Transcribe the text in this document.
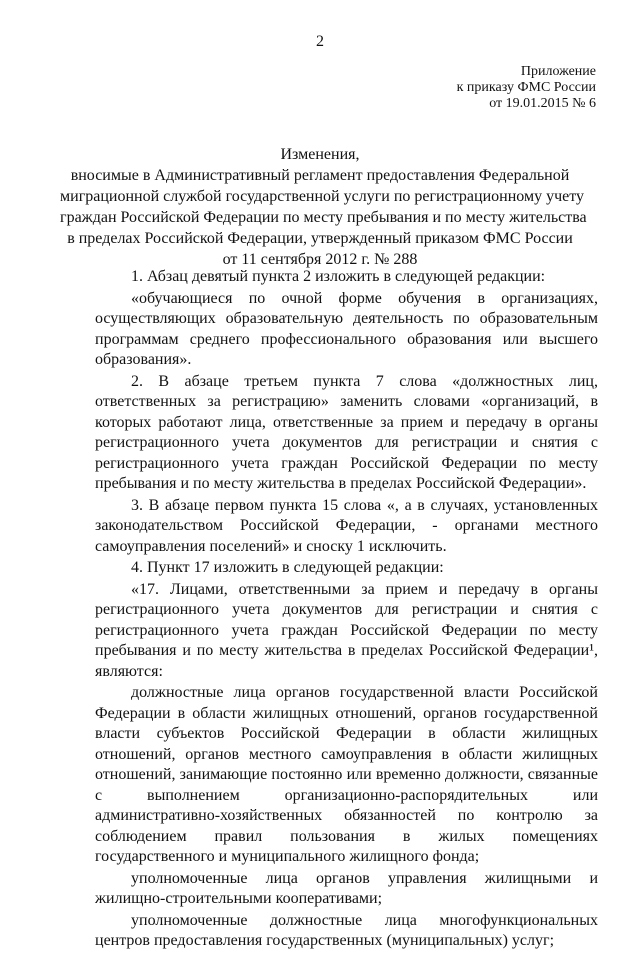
2
Приложение
к приказу ФМС России
от 19.01.2015 № 6
Изменения,
вносимые в Административный регламент предоставления Федеральной
миграционной службой государственной услуги по регистрационному учету
граждан Российской Федерации по месту пребывания и по месту жительства
в пределах Российской Федерации, утвержденный приказом ФМС России
от 11 сентября 2012 г. № 288

1. Абзац девятый пункта 2 изложить в следующей редакции:

«обучающиеся по очной форме обучения в организациях, осуществляющих образовательную деятельность по образовательным программам среднего профессионального образования или высшего образования».

2. В абзаце третьем пункта 7 слова «должностных лиц, ответственных за регистрацию» заменить словами «организаций, в которых работают лица, ответственные за прием и передачу в органы регистрационного учета документов для регистрации и снятия с регистрационного учета граждан Российской Федерации по месту пребывания и по месту жительства в пределах Российской Федерации».

3. В абзаце первом пункта 15 слова «, а в случаях, установленных законодательством Российской Федерации, - органами местного самоуправления поселений» и сноску 1 исключить.

4. Пункт 17 изложить в следующей редакции:

«17. Лицами, ответственными за прием и передачу в органы регистрационного учета документов для регистрации и снятия с регистрационного учета граждан Российской Федерации по месту пребывания и по месту жительства в пределах Российской Федерации¹, являются:

должностные лица органов государственной власти Российской Федерации в области жилищных отношений, органов государственной власти субъектов Российской Федерации в области жилищных отношений, органов местного самоуправления в области жилищных отношений, занимающие постоянно или временно должности, связанные с выполнением организационно-распорядительных или административно-хозяйственных обязанностей по контролю за соблюдением правил пользования в жилых помещениях государственного и муниципального жилищного фонда;

уполномоченные лица органов управления жилищными и жилищно-строительными кооперативами;

уполномоченные должностные лица многофункциональных центров предоставления государственных (муниципальных) услуг;
